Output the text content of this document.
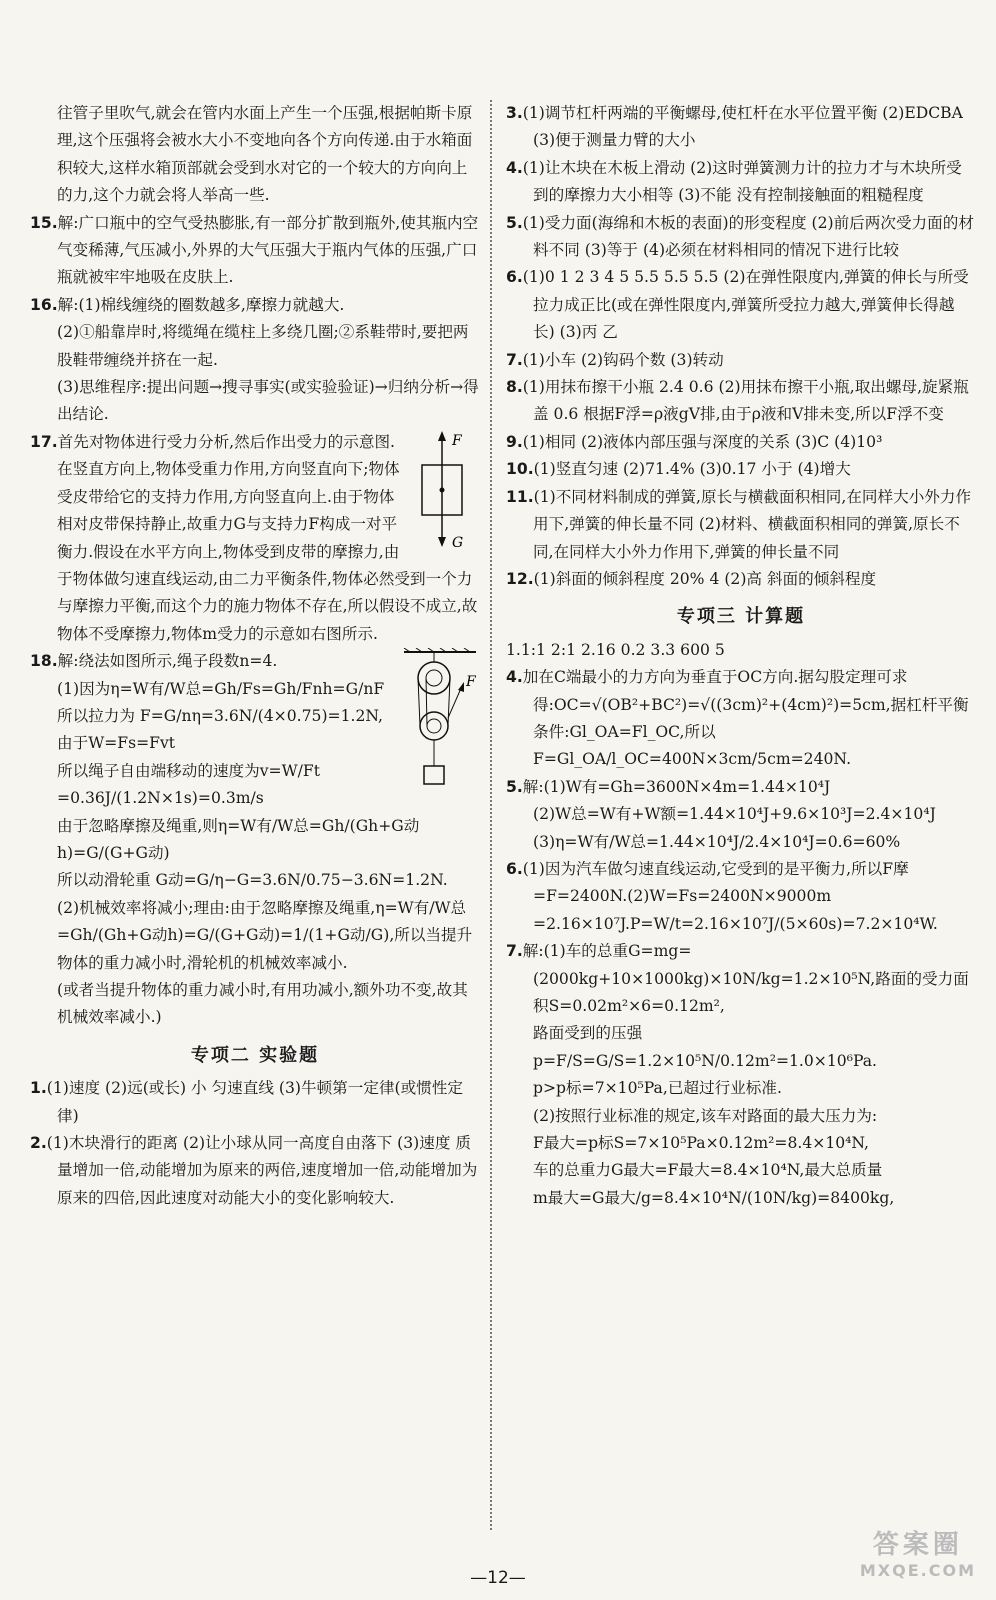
往管子里吹气,就会在管内水面上产生一个压强,根据帕斯卡原理,这个压强将会被水大小不变地向各个方向传递.由于水箱面积较大,这样水箱顶部就会受到水对它的一个较大的方向向上的力,这个力就会将人举高一些.

15.解:广口瓶中的空气受热膨胀,有一部分扩散到瓶外,使其瓶内空气变稀薄,气压减小,外界的大气压强大于瓶内气体的压强,广口瓶就被牢牢地吸在皮肤上.

16.解:(1)棉线缠绕的圈数越多,摩擦力就越大.
(2)①船靠岸时,将缆绳在缆柱上多绕几圈;②系鞋带时,要把两股鞋带缠绕并挤在一起.
(3)思维程序:提出问题→搜寻事实(或实验验证)→归纳分析→得出结论.
F
G
17.首先对物体进行受力分析,然后作出受力的示意图.在竖直方向上,物体受重力作用,方向竖直向下;物体受皮带给它的支持力作用,方向竖直向上.由于物体相对皮带保持静止,故重力G与支持力F构成一对平衡力.假设在水平方向上,物体受到皮带的摩擦力,由于物体做匀速直线运动,由二力平衡条件,物体必然受到一个力与摩擦力平衡,而这个力的施力物体不存在,所以假设不成立,故物体不受摩擦力,物体m受力的示意如右图所示.
F
18.解:绕法如图所示,绳子段数n=4.
(1)因为η=W有/W总=Gh/Fs=Gh/Fnh=G/nF
所以拉力为 F=G/nη=3.6N/(4×0.75)=1.2N,由于W=Fs=Fvt
所以绳子自由端移动的速度为v=W/Ft
=0.36J/(1.2N×1s)=0.3m/s
由于忽略摩擦及绳重,则η=W有/W总=Gh/(Gh+G动h)=G/(G+G动)
所以动滑轮重 G动=G/η−G=3.6N/0.75−3.6N=1.2N.
(2)机械效率将减小;理由:由于忽略摩擦及绳重,η=W有/W总=Gh/(Gh+G动h)=G/(G+G动)=1/(1+G动/G),所以当提升物体的重力减小时,滑轮机的机械效率减小.
(或者当提升物体的重力减小时,有用功减小,额外功不变,故其机械效率减小.)
专项二 实验题

1.(1)速度 (2)远(或长) 小 匀速直线 (3)牛顿第一定律(或惯性定律)

2.(1)木块滑行的距离 (2)让小球从同一高度自由落下 (3)速度 质量增加一倍,动能增加为原来的两倍,速度增加一倍,动能增加为原来的四倍,因此速度对动能大小的变化影响较大.

3.(1)调节杠杆两端的平衡螺母,使杠杆在水平位置平衡 (2)EDCBA (3)便于测量力臂的大小

4.(1)让木块在木板上滑动 (2)这时弹簧测力计的拉力才与木块所受到的摩擦力大小相等 (3)不能 没有控制接触面的粗糙程度

5.(1)受力面(海绵和木板的表面)的形变程度 (2)前后两次受力面的材料不同 (3)等于 (4)必须在材料相同的情况下进行比较

6.(1)0 1 2 3 4 5 5.5 5.5 5.5 (2)在弹性限度内,弹簧的伸长与所受拉力成正比(或在弹性限度内,弹簧所受拉力越大,弹簧伸长得越长) (3)丙 乙

7.(1)小车 (2)钩码个数 (3)转动

8.(1)用抹布擦干小瓶 2.4 0.6 (2)用抹布擦干小瓶,取出螺母,旋紧瓶盖 0.6 根据F浮=ρ液gV排,由于ρ液和V排未变,所以F浮不变

9.(1)相同 (2)液体内部压强与深度的关系 (3)C (4)10³

10.(1)竖直匀速 (2)71.4% (3)0.17 小于 (4)增大

11.(1)不同材料制成的弹簧,原长与横截面积相同,在同样大小外力作用下,弹簧的伸长量不同 (2)材料、横截面积相同的弹簧,原长不同,在同样大小外力作用下,弹簧的伸长量不同

12.(1)斜面的倾斜程度 20% 4 (2)高 斜面的倾斜程度

专项三 计算题

1.1:1 2:1 2.16 0.2 3.3 600 5

4.加在C端最小的力方向为垂直于OC方向.据勾股定理可求得:OC=√(OB²+BC²)=√((3cm)²+(4cm)²)=5cm,据杠杆平衡条件:Gl_OA=Fl_OC,所以F=Gl_OA/l_OC=400N×3cm/5cm=240N.

5.解:(1)W有=Gh=3600N×4m=1.44×10⁴J
(2)W总=W有+W额=1.44×10⁴J+9.6×10³J=2.4×10⁴J
(3)η=W有/W总=1.44×10⁴J/2.4×10⁴J=0.6=60%
6.(1)因为汽车做匀速直线运动,它受到的是平衡力,所以F摩=F=2400N.(2)W=Fs=2400N×9000m
=2.16×10⁷J.P=W/t=2.16×10⁷J/(5×60s)=7.2×10⁴W.
7.解:(1)车的总重G=mg=(2000kg+10×1000kg)×10N/kg=1.2×10⁵N,路面的受力面积S=0.02m²×6=0.12m²,
路面受到的压强 p=F/S=G/S=1.2×10⁵N/0.12m²=1.0×10⁶Pa.
p>p标=7×10⁵Pa,已超过行业标准.
(2)按照行业标准的规定,该车对路面的最大压力为:
F最大=p标S=7×10⁵Pa×0.12m²=8.4×10⁴N,
车的总重力G最大=F最大=8.4×10⁴N,最大总质量
m最大=G最大/g=8.4×10⁴N/(10N/kg)=8400kg,
—12—
答案圈
MXQE.COM
